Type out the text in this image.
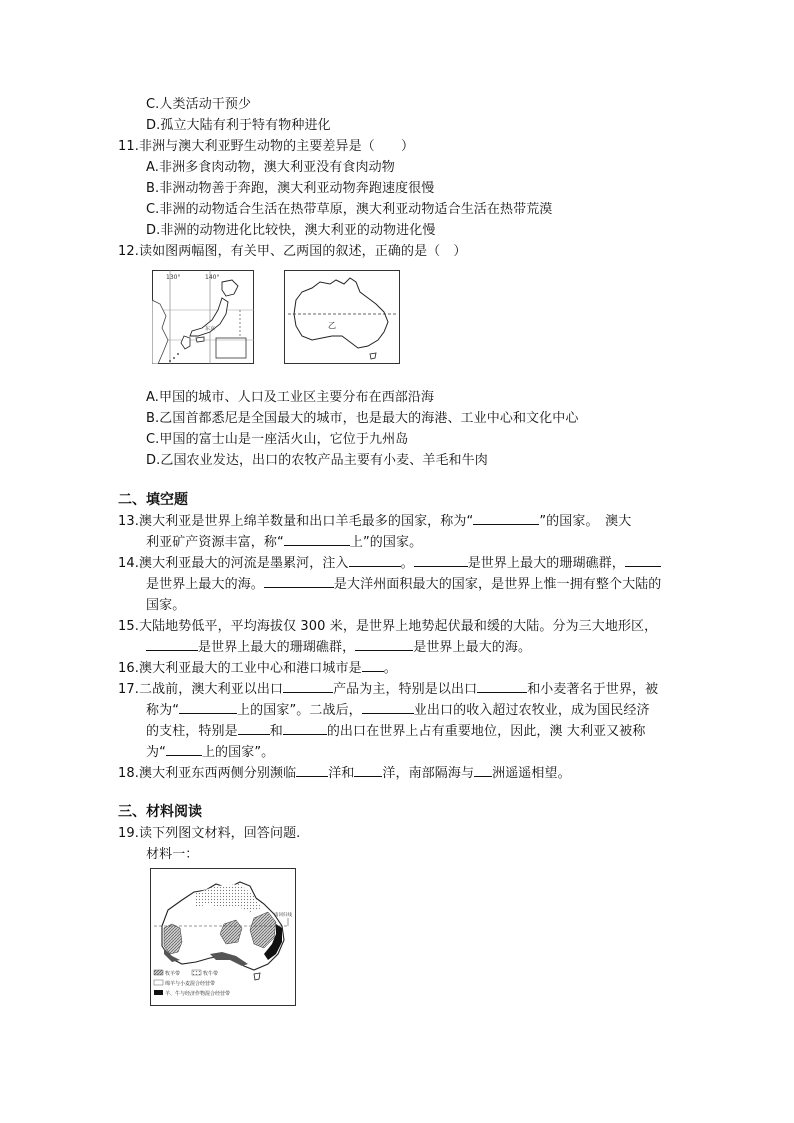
C.人类活动干预少
D.孤立大陆有利于特有物种进化
11.非洲与澳大利亚野生动物的主要差异是（　　）
A.非洲多食肉动物，澳大利亚没有食肉动物
B.非洲动物善于奔跑，澳大利亚动物奔跑速度很慢
C.非洲的动物适合生活在热带草原，澳大利亚动物适合生活在热带荒漠
D.非洲的动物进化比较快，澳大利亚的动物进化慢
12.读如图两幅图，有关甲、乙两国的叙述，正确的是（　）
130°	140°
东京	乙
A.甲国的城市、人口及工业区主要分布在西部沿海
B.乙国首都悉尼是全国最大的城市，也是最大的海港、工业中心和文化中心
C.甲国的富士山是一座活火山，它位于九州岛
D.乙国农业发达，出口的农牧产品主要有小麦、羊毛和牛肉
二、填空题
13.澳大利亚是世界上绵羊数量和出口羊毛最多的国家，称为“	”的国家。　澳大
利亚矿产资源丰富，称“	上”的国家。
14.澳大利亚最大的河流是墨累河，注入	。	是世界上最大的珊瑚礁群，
是世界上最大的海。	是大洋州面积最大的国家，是世界上惟一拥有整个大陆的
国家。
15.大陆地势低平，平均海拔仅 300 米，是世界上地势起伏最和缓的大陆。分为三大地形区，
是世界上最大的珊瑚礁群，	是世界上最大的海。
16.澳大利亚最大的工业中心和港口城市是 。
17.二战前，澳大利亚以出口	产品为主，特别是以出口	和小麦著名于世界，被
称为“	上的国家”。二战后，	业出口的收入超过农牧业，成为国民经济
的支柱，特别是 和	的出口在世界上占有重要地位，因此，澳 大利亚又被称
为“	上的国家”。
18.澳大利亚东西两侧分别濒临 洋和 洋，南部隔海与 洲遥遥相望。
三、材料阅读
19.读下列图文材料，回答问题.
材料一：
南回归线
牧羊带	牧牛带
绵羊与小麦混合经营带
羊、牛与经济作物混合经营带
